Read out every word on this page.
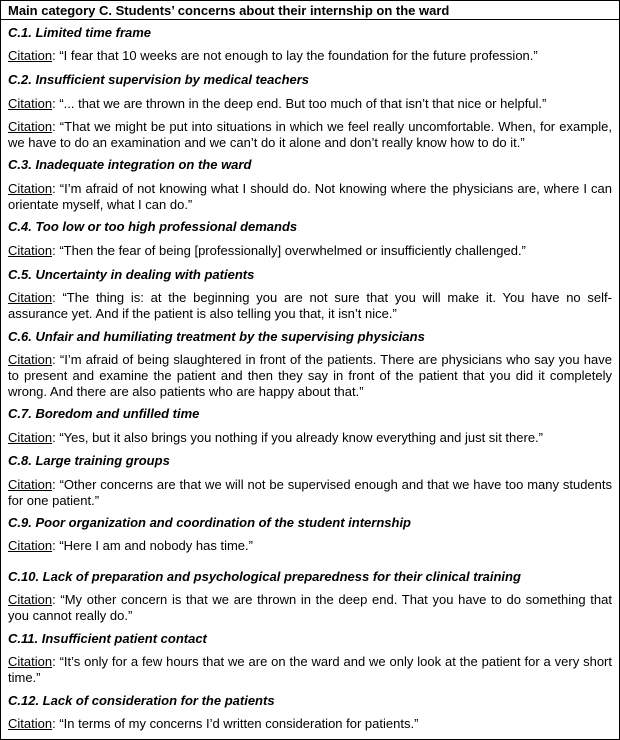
Main category C. Students’ concerns about their internship on the ward
C.1. Limited time frame
Citation: “I fear that 10 weeks are not enough to lay the foundation for the future profession.”
C.2. Insufficient supervision by medical teachers
Citation: “... that we are thrown in the deep end. But too much of that isn’t that nice or helpful.”
Citation: “That we might be put into situations in which we feel really uncomfortable. When, for example, we have to do an examination and we can’t do it alone and don’t really know how to do it.”
C.3. Inadequate integration on the ward
Citation: “I’m afraid of not knowing what I should do. Not knowing where the physicians are, where I can orientate myself, what I can do.”
C.4. Too low or too high professional demands
Citation: “Then the fear of being [professionally] overwhelmed or insufficiently challenged.”
C.5. Uncertainty in dealing with patients
Citation: “The thing is: at the beginning you are not sure that you will make it. You have no self-assurance yet. And if the patient is also telling you that, it isn’t nice.”
C.6. Unfair and humiliating treatment by the supervising physicians
Citation: “I’m afraid of being slaughtered in front of the patients. There are physicians who say you have to present and examine the patient and then they say in front of the patient that you did it completely wrong. And there are also patients who are happy about that.”
C.7. Boredom and unfilled time
Citation: “Yes, but it also brings you nothing if you already know everything and just sit there.”
C.8. Large training groups
Citation: “Other concerns are that we will not be supervised enough and that we have too many students for one patient.”
C.9. Poor organization and coordination of the student internship
Citation: “Here I am and nobody has time.”
C.10. Lack of preparation and psychological preparedness for their clinical training
Citation: “My other concern is that we are thrown in the deep end. That you have to do something that you cannot really do.”
C.11. Insufficient patient contact
Citation: “It’s only for a few hours that we are on the ward and we only look at the patient for a very short time.”
C.12. Lack of consideration for the patients
Citation: “In terms of my concerns I’d written consideration for patients.”
